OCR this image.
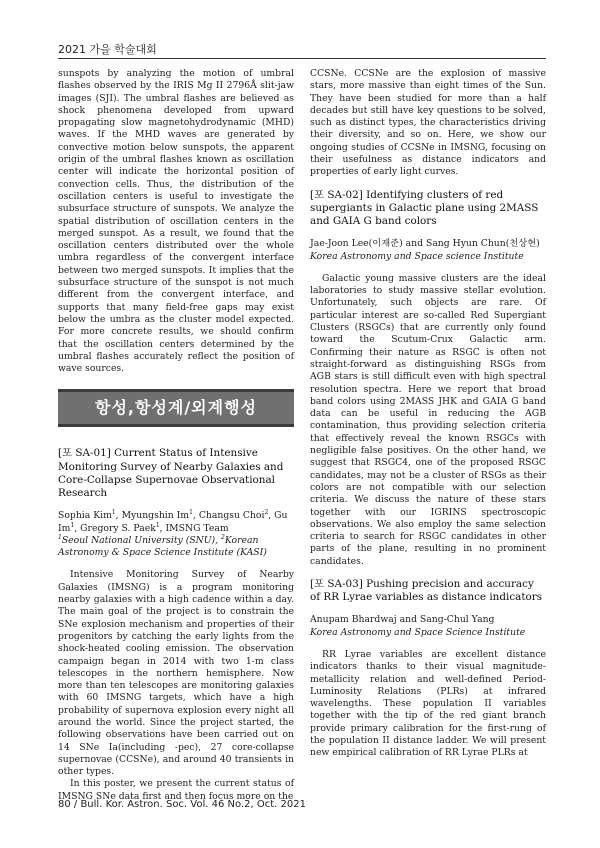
2021 가을 학술대회

sunspots by analyzing the motion of umbral flashes observed by the IRIS Mg II 2796Å slit-jaw images (SJI). The umbral flashes are believed as shock phenomena developed from upward propagating slow magnetohydrodynamic (MHD) waves. If the MHD waves are generated by convective motion below sunspots, the apparent origin of the umbral flashes known as oscillation center will indicate the horizontal position of convection cells. Thus, the distribution of the oscillation centers is useful to investigate the subsurface structure of sunspots. We analyze the spatial distribution of oscillation centers in the merged sunspot. As a result, we found that the oscillation centers distributed over the whole umbra regardless of the convergent interface between two merged sunspots. It implies that the subsurface structure of the sunspot is not much different from the convergent interface, and supports that many field-free gaps may exist below the umbra as the cluster model expected. For more concrete results, we should confirm that the oscillation centers determined by the umbral flashes accurately reflect the position of wave sources.

항성,항성계/외계행성
[포 SA-01] Current Status of Intensive Monitoring Survey of Nearby Galaxies and Core-Collapse Supernovae Observational Research
Sophia Kim$^1$, Myungshin Im$^1$, Changsu Choi$^2$, Gu Im$^1$, Gregory S. Paek$^1$, IMSNG Team
$^1$Seoul National University (SNU), $^2$Korean Astronomy & Space Science Institute (KASI)

Intensive Monitoring Survey of Nearby Galaxies (IMSNG) is a program monitoring nearby galaxies with a high cadence within a day. The main goal of the project is to constrain the SNe explosion mechanism and properties of their progenitors by catching the early lights from the shock-heated cooling emission. The observation campaign began in 2014 with two 1-m class telescopes in the northern hemisphere. Now more than ten telescopes are monitoring galaxies with 60 IMSNG targets, which have a high probability of supernova explosion every night all around the world. Since the project started, the following observations have been carried out on 14 SNe Ia(including -pec), 27 core-collapse supernovae (CCSNe), and around 40 transients in other types.

In this poster, we present the current status of IMSNG SNe data first and then focus more on the

CCSNe. CCSNe are the explosion of massive stars, more massive than eight times of the Sun. They have been studied for more than a half decades but still have key questions to be solved, such as distinct types, the characteristics driving their diversity, and so on. Here, we show our ongoing studies of CCSNe in IMSNG, focusing on their usefulness as distance indicators and properties of early light curves.

[포 SA-02] Identifying clusters of red supergiants in Galactic plane using 2MASS and GAIA G band colors
Jae-Joon Lee(이재준) and Sang Hyun Chun(천상현)
Korea Astronomy and Space science Institute

Galactic young massive clusters are the ideal laboratories to study massive stellar evolution. Unfortunately, such objects are rare. Of particular interest are so-called Red Supergiant Clusters (RSGCs) that are currently only found toward the Scutum-Crux Galactic arm. Confirming their nature as RSGC is often not straight-forward as distinguishing RSGs from AGB stars is still difficult even with high spectral resolution spectra. Here we report that broad band colors using 2MASS JHK and GAIA G band data can be useful in reducing the AGB contamination, thus providing selection criteria that effectively reveal the known RSGCs with negligible false positives. On the other hand, we suggest that RSGC4, one of the proposed RSGC candidates, may not be a cluster of RSGs as their colors are not compatible with our selection criteria. We discuss the nature of these stars together with our IGRINS spectroscopic observations. We also employ the same selection criteria to search for RSGC candidates in other parts of the plane, resulting in no prominent candidates.

[포 SA-03] Pushing precision and accuracy of RR Lyrae variables as distance indicators
Anupam Bhardwaj and Sang-Chul Yang
Korea Astronomy and Space Science Institute

RR Lyrae variables are excellent distance indicators thanks to their visual magnitude-metallicity relation and well-defined Period-Luminosity Relations (PLRs) at infrared wavelengths. These population II variables together with the tip of the red giant branch provide primary calibration for the first-rung of the population II distance ladder. We will present new empirical calibration of RR Lyrae PLRs at

80 / Bull. Kor. Astron. Soc. Vol. 46 No.2, Oct. 2021
